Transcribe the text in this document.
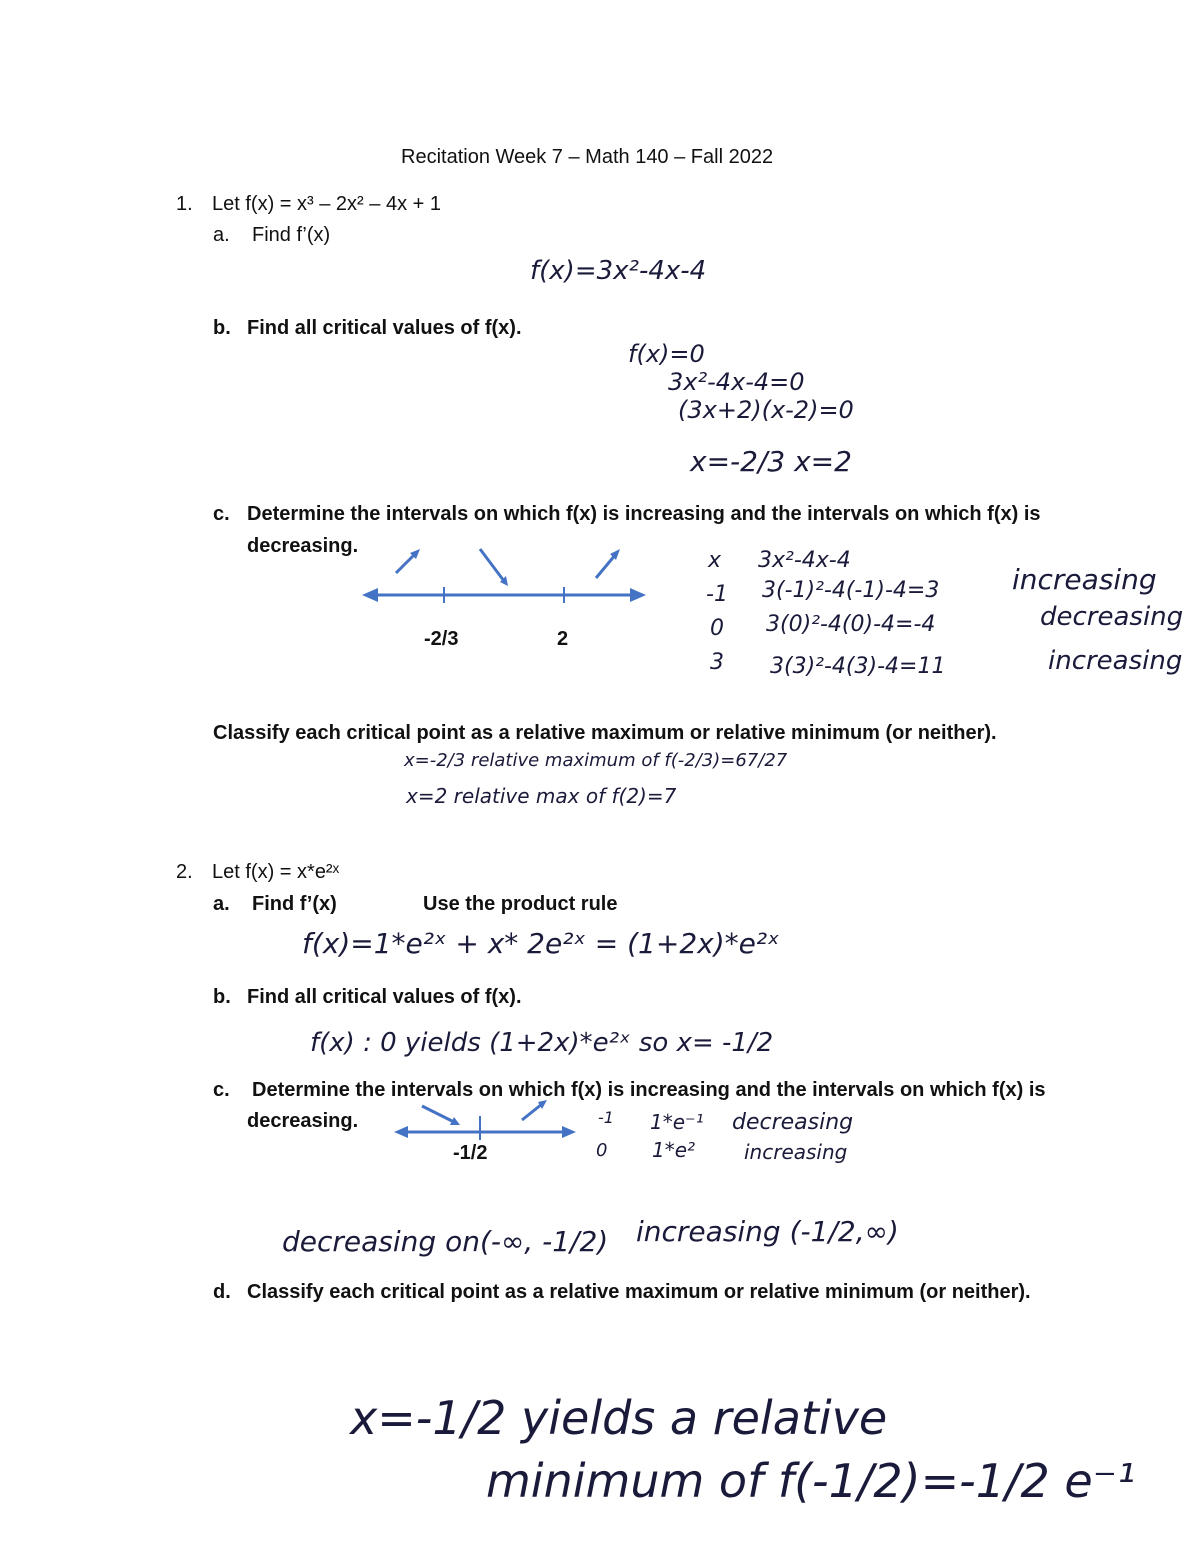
Recitation Week 7 – Math 140 – Fall 2022
1. Let f(x) = x³ – 2x² – 4x + 1
a. Find f’(x)
f(x)=3x²-4x-4
b. Find all critical values of f(x).
f(x)=0
3x²-4x-4=0
(3x+2)(x-2)=0
x=-2/3 x=2
c. Determine the intervals on which f(x) is increasing and the intervals on which f(x) is
decreasing.
-2/3	2
x 3x²-4x-4
-1 3(-1)²-4(-1)-4=3	increasing
0 3(0)²-4(0)-4=-4	decreasing
3 3(3)²-4(3)-4=11	increasing
Classify each critical point as a relative maximum or relative minimum (or neither).
x=-2/3 relative maximum of f(-2/3)=67/27
x=2 relative max of f(2)=7
2. Let f(x) = x*e²ˣ
a. Find f’(x)	Use the product rule
f(x)=1*e²ˣ + x* 2e²ˣ = (1+2x)*e²ˣ
b. Find all critical values of f(x).
f(x) : 0 yields (1+2x)*e²ˣ so x= -1/2
c. Determine the intervals on which f(x) is increasing and the intervals on which f(x) is
decreasing.
-1/2
-1 1*e⁻¹ decreasing
0 1*e² increasing
decreasing on(-∞, -1/2) increasing (-1/2,∞)
d. Classify each critical point as a relative maximum or relative minimum (or neither).
x=-1/2 yields a relative
minimum of f(-1/2)=-1/2 e⁻¹
